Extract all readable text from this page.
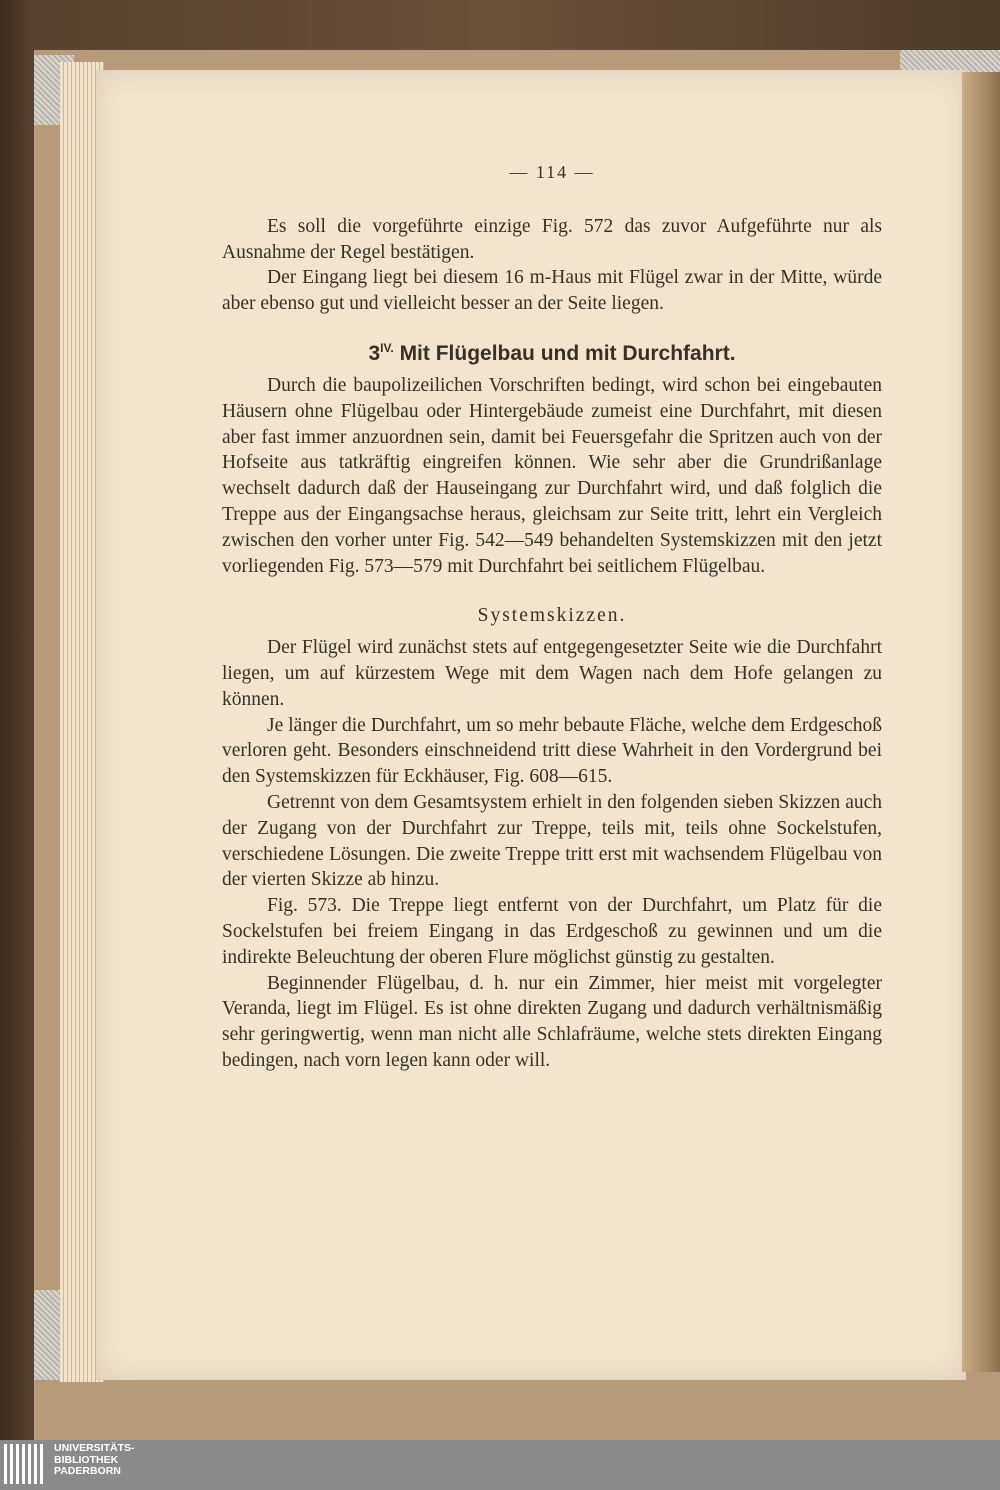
— 114 —

Es soll die vorgeführte einzige Fig. 572 das zuvor Aufgeführte nur als Ausnahme der Regel bestätigen.

Der Eingang liegt bei diesem 16 m-Haus mit Flügel zwar in der Mitte, würde aber ebenso gut und vielleicht besser an der Seite liegen.

$3^{IV.}$ Mit Flügelbau und mit Durchfahrt.

Durch die baupolizeilichen Vorschriften bedingt, wird schon bei eingebauten Häusern ohne Flügelbau oder Hintergebäude zumeist eine Durchfahrt, mit diesen aber fast immer anzuordnen sein, damit bei Feuersgefahr die Spritzen auch von der Hofseite aus tatkräftig eingreifen können. Wie sehr aber die Grundrißanlage wechselt dadurch daß der Hauseingang zur Durchfahrt wird, und daß folglich die Treppe aus der Eingangsachse heraus, gleichsam zur Seite tritt, lehrt ein Vergleich zwischen den vorher unter Fig. 542—549 behandelten Systemskizzen mit den jetzt vorliegenden Fig. 573—579 mit Durchfahrt bei seitlichem Flügelbau.

Systemskizzen.

Der Flügel wird zunächst stets auf entgegengesetzter Seite wie die Durchfahrt liegen, um auf kürzestem Wege mit dem Wagen nach dem Hofe gelangen zu können.

Je länger die Durchfahrt, um so mehr bebaute Fläche, welche dem Erdgeschoß verloren geht. Besonders einschneidend tritt diese Wahrheit in den Vordergrund bei den Systemskizzen für Eckhäuser, Fig. 608—615.

Getrennt von dem Gesamtsystem erhielt in den folgenden sieben Skizzen auch der Zugang von der Durchfahrt zur Treppe, teils mit, teils ohne Sockelstufen, verschiedene Lösungen. Die zweite Treppe tritt erst mit wachsendem Flügelbau von der vierten Skizze ab hinzu.

Fig. 573. Die Treppe liegt entfernt von der Durchfahrt, um Platz für die Sockelstufen bei freiem Eingang in das Erdgeschoß zu gewinnen und um die indirekte Beleuchtung der oberen Flure möglichst günstig zu gestalten.

Beginnender Flügelbau, d. h. nur ein Zimmer, hier meist mit vorgelegter Veranda, liegt im Flügel. Es ist ohne direkten Zugang und dadurch verhältnismäßig sehr geringwertig, wenn man nicht alle Schlafräume, welche stets direkten Eingang bedingen, nach vorn legen kann oder will.

UNIVERSITÄTS-
BIBLIOTHEK
PADERBORN
